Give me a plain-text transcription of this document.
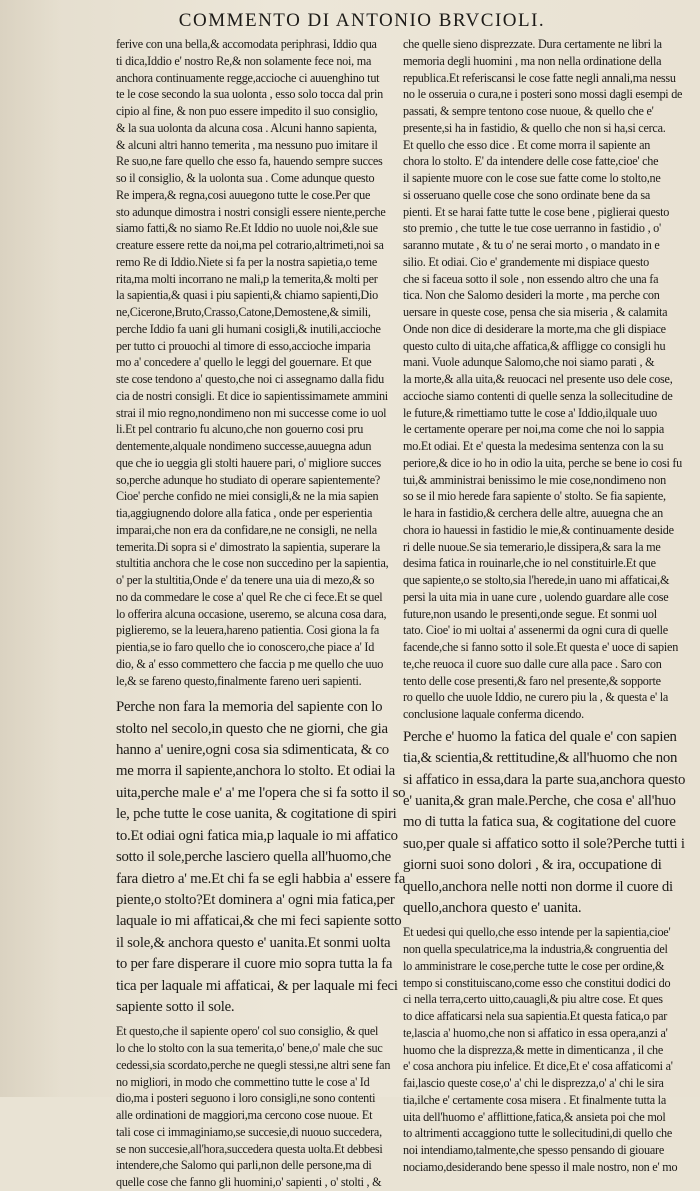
COMMENTO DI ANTONIO BRVCIOLI.
ferive con una bella,& accomodata periphrasi, Iddio qua
ti dica,Iddio e' nostro Re,& non solamente fece noi, ma
anchora continuamente regge,accioche ci auuenghino tut
te le cose secondo la sua uolonta , esso solo tocca dal prin
cipio al fine, & non puo essere impedito il suo consiglio,
& la sua uolonta da alcuna cosa . Alcuni hanno sapienta,
& alcuni altri hanno temerita , ma nessuno puo imitare il
Re suo,ne fare quello che esso fa, hauendo sempre succes
so il consiglio, & la uolonta sua . Come adunque questo
Re impera,& regna,cosi auuegono tutte le cose.Per que
sto adunque dimostra i nostri consigli essere niente,perche
siamo fatti,& no siamo Re.Et Iddio no uuole noi,&le sue
creature essere rette da noi,ma pel cotrario,altrimeti,noi sa
remo Re di Iddio.Niete si fa per la nostra sapietia,o teme
rita,ma molti incorrano ne mali,p la temerita,& molti per
la sapientia,& quasi i piu sapienti,& chiamo sapienti,Dio
ne,Cicerone,Bruto,Crasso,Catone,Demostene,& simili,
perche Iddio fa uani gli humani cosigli,& inutili,accioche
per tutto ci prouochi al timore di esso,accioche imparia
mo a' concedere a' quello le leggi del gouernare. Et que
ste cose tendono a' questo,che noi ci assegnamo dalla fidu
cia de nostri consigli. Et dice io sapientissimamete ammini
strai il mio regno,nondimeno non mi successe come io uol
li.Et pel contrario fu alcuno,che non gouerno cosi pru
dentemente,alquale nondimeno successe,auuegna adun
que che io ueggia gli stolti hauere pari, o' migliore succes
so,perche adunque ho studiato di operare sapientemente?
Cioe' perche confido ne miei consigli,& ne la mia sapien
tia,aggiugnendo dolore alla fatica , onde per esperientia
imparai,che non era da confidare,ne ne consigli, ne nella
temerita.Di sopra si e' dimostrato la sapientia, superare la
stultitia anchora che le cose non succedino per la sapientia,
o' per la stultitia,Onde e' da tenere una uia di mezo,& so
no da commedare le cose a' quel Re che ci fece.Et se quel
lo offerira alcuna occasione, useremo, se alcuna cosa dara,
piglieremo, se la leuera,hareno patientia. Cosi giona la fa
pientia,se io faro quello che io conoscero,che piace a' Id
dio, & a' esso commettero che faccia p me quello che uuo
le,& se fareno questo,finalmente fareno ueri sapienti.
Perche non fara la memoria del sapiente con lo
stolto nel secolo,in questo che ne giorni, che gia
hanno a' uenire,ogni cosa sia sdimenticata, & co
me morra il sapiente,anchora lo stolto. Et odiai la
uita,perche male e' a' me l'opera che si fa sotto il so
le, pche tutte le cose uanita, & cogitatione di spiri
to.Et odiai ogni fatica mia,p laquale io mi affatico
sotto il sole,perche lasciero quella all'huomo,che
fara dietro a' me.Et chi fa se egli habbia a' essere fa
piente,o stolto?Et dominera a' ogni mia fatica,per
laquale io mi affaticai,& che mi feci sapiente sotto
il sole,& anchora questo e' uanita.Et sonmi uolta
to per fare disperare il cuore mio sopra tutta la fa
tica per laquale mi affaticai, & per laquale mi feci
sapiente sotto il sole.
Et questo,che il sapiente opero' col suo consiglio, & quel
lo che lo stolto con la sua temerita,o' bene,o' male che suc
cedessi,sia scordato,perche ne quegli stessi,ne altri sene fan
no migliori, in modo che commettino tutte le cose a' Id
dio,ma i posteri seguono i loro consigli,ne sono contenti
alle ordinationi de maggiori,ma cercono cose nuoue. Et
tali cose ci immaginiamo,se succesie,di nuouo succedera,
se non succesie,all'hora,succedera questa uolta.Et debbesi
intendere,che Salomo qui parli,non delle persone,ma di
quelle cose che fanno gli huomini,o' sapienti , o' stolti , &
che quelle sieno disprezzate. Dura certamente ne libri la
memoria degli huomini , ma non nella ordinatione della
republica.Et referiscansi le cose fatte negli annali,ma nessu
no le osseruia o cura,ne i posteri sono mossi dagli esempi de
passati, & sempre tentono cose nuoue, & quello che e'
presente,si ha in fastidio, & quello che non si ha,si cerca.
Et quello che esso dice . Et come morra il sapiente an
chora lo stolto. E' da intendere delle cose fatte,cioe' che
il sapiente muore con le cose sue fatte come lo stolto,ne
si osseruano quelle cose che sono ordinate bene da sa
pienti. Et se harai fatte tutte le cose bene , piglierai questo
sto premio , che tutte le tue cose uerranno in fastidio , o'
saranno mutate , & tu o' ne serai morto , o mandato in e
silio. Et odiai. Cio e' grandemente mi dispiace questo
che si faceua sotto il sole , non essendo altro che una fa
tica. Non che Salomo desideri la morte , ma perche con
uersare in queste cose, pensa che sia miseria , & calamita
Onde non dice di desiderare la morte,ma che gli dispiace
questo culto di uita,che affatica,& affligge co consigli hu
mani. Vuole adunque Salomo,che noi siamo parati , &
la morte,& alla uita,& reuocaci nel presente uso dele cose,
accioche siamo contenti di quelle senza la sollecitudine de
le future,& rimettiamo tutte le cose a' Iddio,ilquale uuo
le certamente operare per noi,ma come che noi lo sappia
mo.Et odiai. Et e' questa la medesima sentenza con la su
periore,& dice io ho in odio la uita, perche se bene io cosi fu
tui,& amministrai benissimo le mie cose,nondimeno non
so se il mio herede fara sapiente o' stolto. Se fia sapiente,
le hara in fastidio,& cerchera delle altre, auuegna che an
chora io hauessi in fastidio le mie,& continuamente deside
ri delle nuoue.Se sia temerario,le dissipera,& sara la me
desima fatica in rouinarle,che io nel constituirle.Et que
que sapiente,o se stolto,sia l'herede,in uano mi affaticai,&
persi la uita mia in uane cure , uolendo guardare alle cose
future,non usando le presenti,onde segue. Et sonmi uol
tato. Cioe' io mi uoltai a' assenermi da ogni cura di quelle
facende,che si fanno sotto il sole.Et questa e' uoce di sapien
te,che reuoca il cuore suo dalle cure alla pace . Saro con
tento delle cose presenti,& faro nel presente,& sopporte
ro quello che uuole Iddio, ne curero piu la , & questa e' la
conclusione laquale conferma dicendo.
Perche e' huomo la fatica del quale e' con sapien
tia,& scientia,& rettitudine,& all'huomo che non
si affatico in essa,dara la parte sua,anchora questo
e' uanita,& gran male.Perche, che cosa e' all'huo
mo di tutta la fatica sua, & cogitatione del cuore
suo,per quale si affatico sotto il sole?Perche tutti i
giorni suoi sono dolori , & ira, occupatione di
quello,anchora nelle notti non dorme il cuore di
quello,anchora questo e' uanita.
Et uedesi qui quello,che esso intende per la sapientia,cioe'
non quella speculatrice,ma la industria,& congruentia del
lo amministrare le cose,perche tutte le cose per ordine,&
tempo si constituiscano,come esso che constitui dodici do
ci nella terra,certo uitto,cauagli,& piu altre cose. Et ques
to dice affaticarsi nela sua sapientia.Et questa fatica,o par
te,lascia a' huomo,che non si affatico in essa opera,anzi a'
huomo che la disprezza,& mette in dimenticanza , il che
e' cosa anchora piu infelice. Et dice,Et e' cosa affaticomi a'
fai,lascio queste cose,o' a' chi le disprezza,o' a' chi le sira
tia,ilche e' certamente cosa misera . Et finalmente tutta la
uita dell'huomo e' afflittione,fatica,& ansieta poi che mol
to altrimenti accaggiono tutte le sollecitudini,di quello che
noi intendiamo,talmente,che spesso pensando di giouare
nociamo,desiderando bene spesso il male nostro, non e' mo
